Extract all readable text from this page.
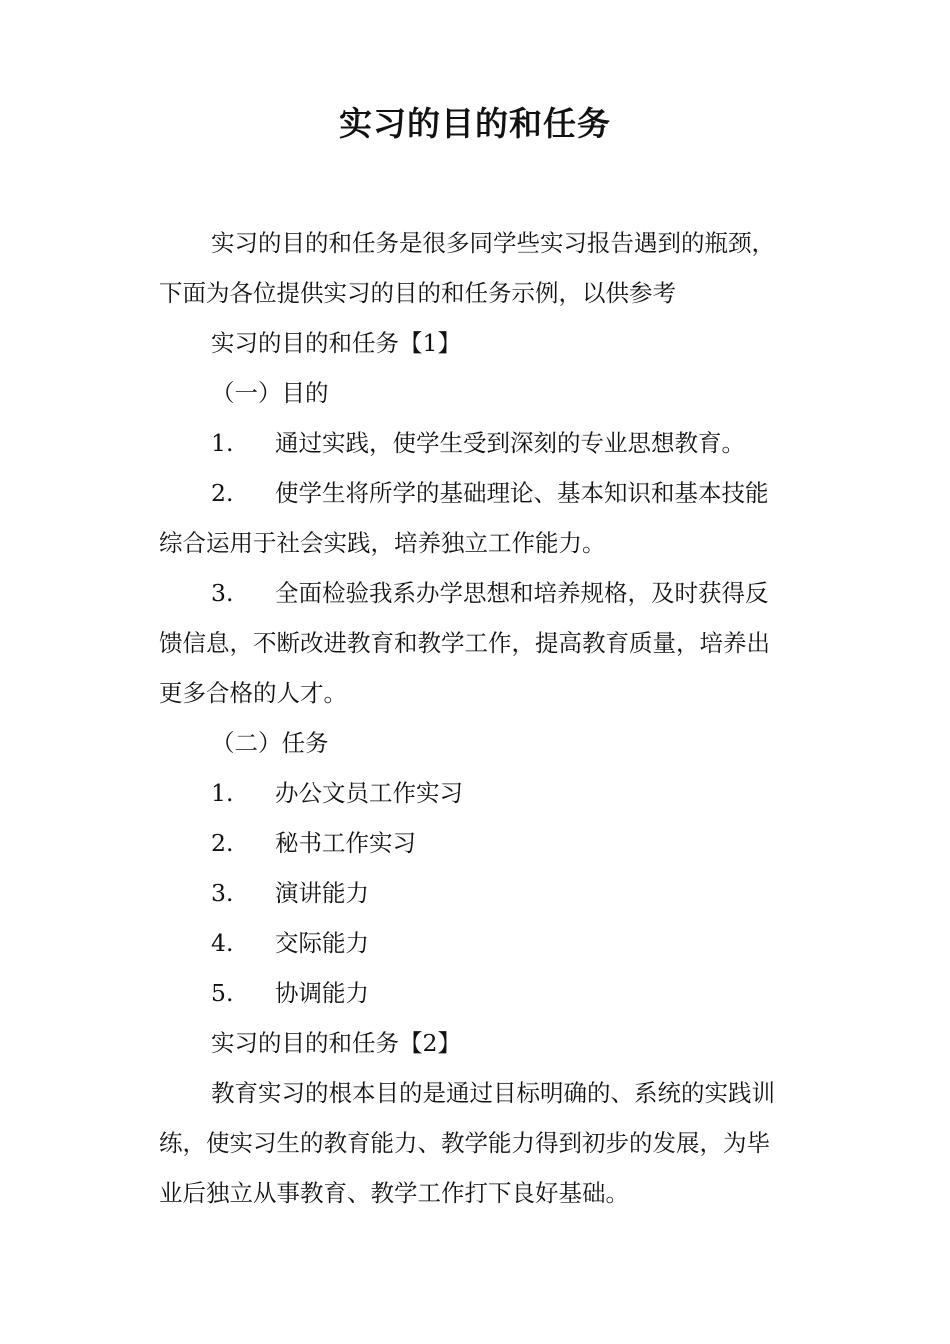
实习的目的和任务

实习的目的和任务是很多同学些实习报告遇到的瓶颈，下面为各位提供实习的目的和任务示例，以供参考

实习的目的和任务【1】

（一）目的

1. 通过实践，使学生受到深刻的专业思想教育。

2. 使学生将所学的基础理论、基本知识和基本技能综合运用于社会实践，培养独立工作能力。

3. 全面检验我系办学思想和培养规格，及时获得反馈信息，不断改进教育和教学工作，提高教育质量，培养出更多合格的人才。

（二）任务

1. 办公文员工作实习

2. 秘书工作实习

3. 演讲能力

4. 交际能力

5. 协调能力

实习的目的和任务【2】

教育实习的根本目的是通过目标明确的、系统的实践训练，使实习生的教育能力、教学能力得到初步的发展，为毕业后独立从事教育、教学工作打下良好基础。
